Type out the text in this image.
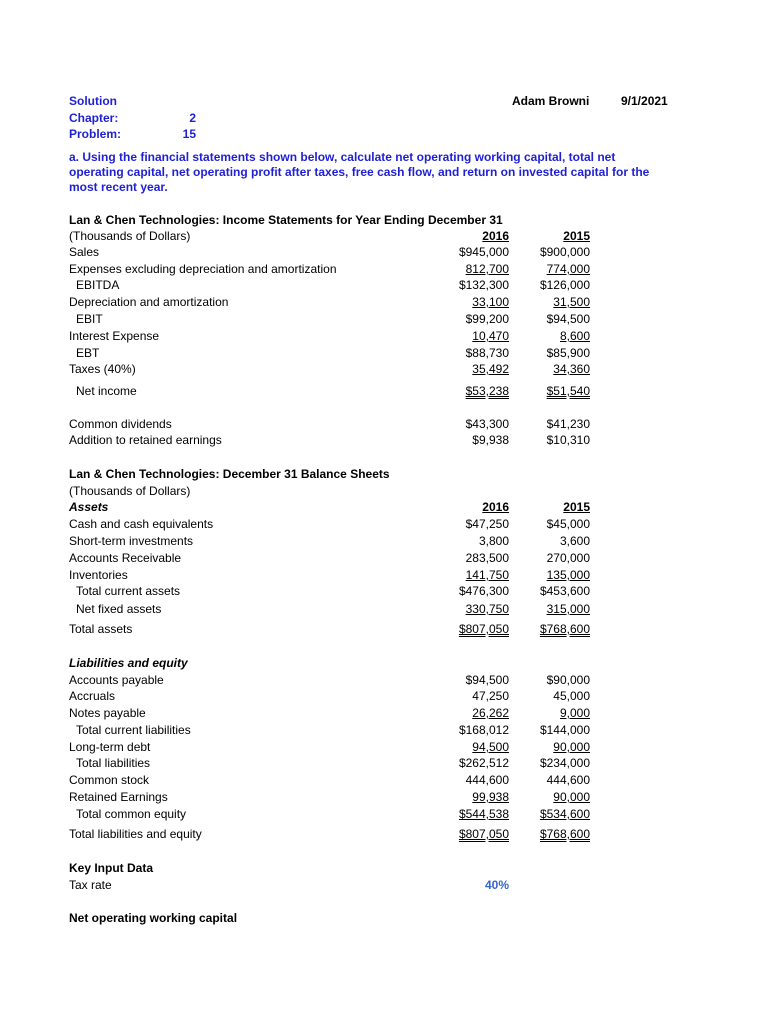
Solution	Adam Browni	9/1/2021
Chapter:	2
Problem:	15
a. Using the financial statements shown below, calculate net operating working capital, total net operating capital, net operating profit after taxes, free cash flow, and return on invested capital for the most recent year.
Lan & Chen Technologies: Income Statements for Year Ending December 31
(Thousands of Dollars)	2016	2015
Sales	$945,000	$900,000
Expenses excluding depreciation and amortization	812,700	774,000
EBITDA	$132,300	$126,000
Depreciation and amortization	33,100	31,500
EBIT	$99,200	$94,500
Interest Expense	10,470	8,600
EBT	$88,730	$85,900
Taxes (40%)	35,492	34,360
Net income	$53,238	$51,540
Common dividends	$43,300	$41,230
Addition to retained earnings	$9,938	$10,310
Lan & Chen Technologies: December 31 Balance Sheets
(Thousands of Dollars)
Assets	2016	2015
Cash and cash equivalents	$47,250	$45,000
Short-term investments	3,800	3,600
Accounts Receivable	283,500	270,000
Inventories	141,750	135,000
Total current assets	$476,300	$453,600
Net fixed assets	330,750	315,000
Total assets	$807,050	$768,600
Liabilities and equity
Accounts payable	$94,500	$90,000
Accruals	47,250	45,000
Notes payable	26,262	9,000
Total current liabilities	$168,012	$144,000
Long-term debt	94,500	90,000
Total liabilities	$262,512	$234,000
Common stock	444,600	444,600
Retained Earnings	99,938	90,000
Total common equity	$544,538	$534,600
Total liabilities and equity	$807,050	$768,600
Key Input Data
Tax rate	40%
Net operating working capital
